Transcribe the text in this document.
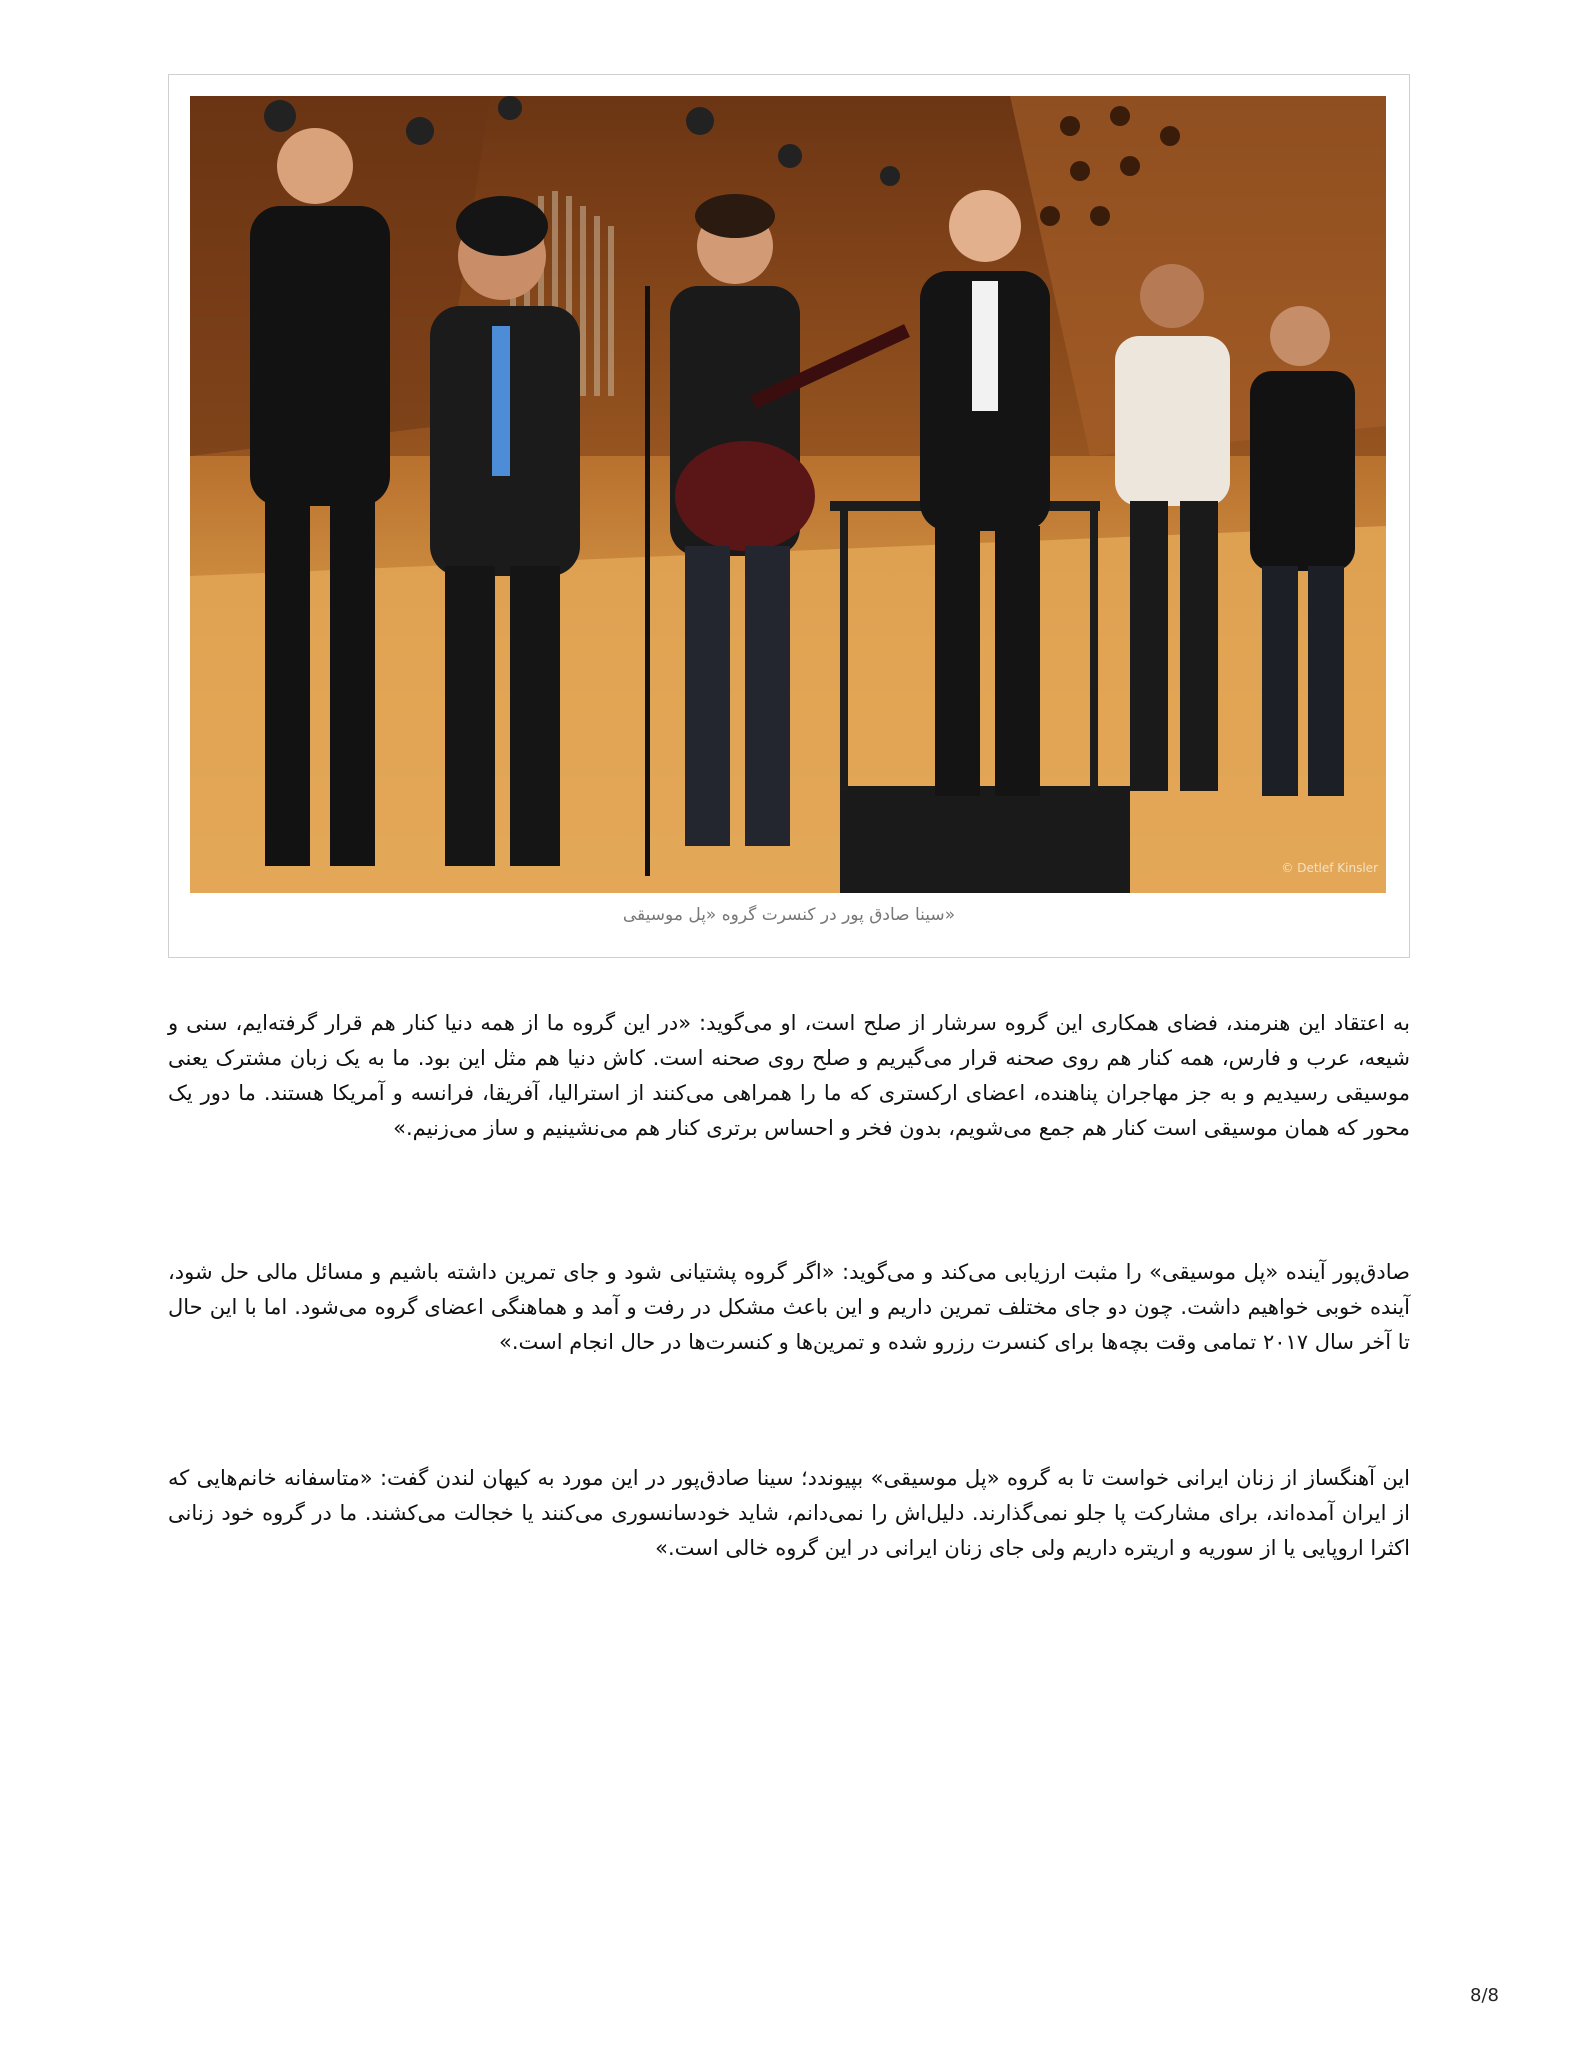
© Detlef Kinsler
سینا صادق پور در کنسرت گروه «پل موسیقی»

به اعتقاد این هنرمند، فضای همکاری این گروه سرشار از صلح است، او می‌گوید: «در این گروه ما از همه دنیا کنار هم قرار گرفته‌ایم، سنی و شیعه، عرب و فارس، همه کنار هم روی صحنه قرار می‌گیریم و صلح روی صحنه است. کاش دنیا هم مثل این بود. ما به یک زبان مشترک یعنی موسیقی رسیدیم و به جز مهاجران پناهنده، اعضای ارکستری که ما را همراهی می‌کنند از استرالیا، آفریقا، فرانسه و آمریکا هستند. ما دور یک محور که همان موسیقی است کنار هم جمع می‌شویم، بدون فخر و احساس برتری کنار هم می‌نشینیم و ساز می‌زنیم.»

صادق‌پور آینده «پل موسیقی» را مثبت ارزیابی می‌کند و می‌گوید: «اگر گروه پشتیانی شود و جای تمرین داشته باشیم و مسائل مالی حل شود، آینده خوبی خواهیم داشت. چون دو جای مختلف تمرین داریم و این باعث مشکل در رفت و آمد و هماهنگی اعضای گروه می‌شود. اما با این حال تا آخر سال ۲۰۱۷ تمامی وقت بچه‌ها برای کنسرت رزرو شده و تمرین‌ها و کنسرت‌ها در حال انجام است.»

این آهنگساز از زنان ایرانی خواست تا به گروه «پل موسیقی» بپیوندد؛ سینا صادق‌پور در این مورد به کیهان لندن گفت: «متاسفانه خانم‌هایی که از ایران آمده‌اند، برای مشارکت پا جلو نمی‌گذارند. دلیل‌اش را نمی‌دانم، شاید خودسانسوری می‌کنند یا خجالت می‌کشند. ما در گروه خود زنانی اکثرا اروپایی یا از سوریه و اریتره داریم ولی جای زنان ایرانی در این گروه خالی است.»

8/8
